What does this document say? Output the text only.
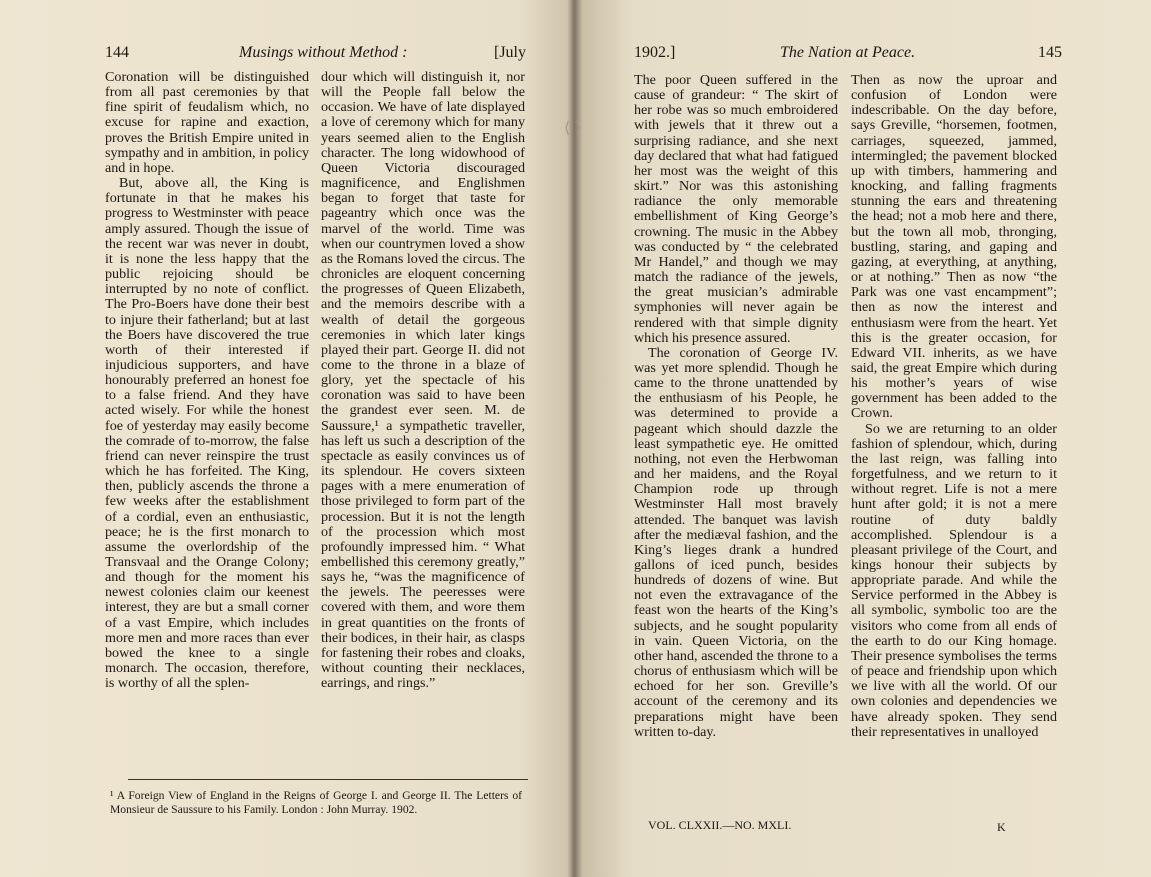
144	Musings without Method :	[July

Coronation will be distinguished from all past ceremonies by that fine spirit of feudalism which, no excuse for rapine and exaction, proves the British Empire united in sympathy and in ambition, in policy and in hope.

But, above all, the King is fortunate in that he makes his progress to Westminster with peace amply assured. Though the issue of the recent war was never in doubt, it is none the less happy that the public rejoicing should be interrupted by no note of conflict. The Pro-Boers have done their best to injure their fatherland; but at last the Boers have discovered the true worth of their interested if injudicious supporters, and have honourably preferred an honest foe to a false friend. And they have acted wisely. For while the honest foe of yesterday may easily become the comrade of to-morrow, the false friend can never reinspire the trust which he has forfeited. The King, then, publicly ascends the throne a few weeks after the establishment of a cordial, even an enthusiastic, peace; he is the first monarch to assume the overlordship of the Transvaal and the Orange Colony; and though for the moment his newest colonies claim our keenest interest, they are but a small corner of a vast Empire, which includes more men and more races than ever bowed the knee to a single monarch. The occasion, therefore, is worthy of all the splen-

dour which will distinguish it, nor will the People fall below the occasion. We have of late displayed a love of ceremony which for many years seemed alien to the English character. The long widowhood of Queen Victoria discouraged magnificence, and Englishmen began to forget that taste for pageantry which once was the marvel of the world. Time was when our countrymen loved a show as the Romans loved the circus. The chronicles are eloquent concerning the progresses of Queen Elizabeth, and the memoirs describe with a wealth of detail the gorgeous ceremonies in which later kings played their part. George II. did not come to the throne in a blaze of glory, yet the spectacle of his coronation was said to have been the grandest ever seen. M. de Saussure,¹ a sympathetic traveller, has left us such a description of the spectacle as easily convinces us of its splendour. He covers sixteen pages with a mere enumeration of those privileged to form part of the procession. But it is not the length of the procession which most profoundly impressed him. “ What embellished this ceremony greatly,” says he, “was the magnificence of the jewels. The peeresses were covered with them, and wore them in great quantities on the fronts of their bodices, in their hair, as clasps for fastening their robes and cloaks, without counting their necklaces, earrings, and rings.”

¹ A Foreign View of England in the Reigns of George I. and George II. The Letters of Monsieur de Saussure to his Family. London : John Murray. 1902.
⟨ ⟩
1902.]	The Nation at Peace.	145

The poor Queen suffered in the cause of grandeur: “ The skirt of her robe was so much embroidered with jewels that it threw out a surprising radiance, and she next day declared that what had fatigued her most was the weight of this skirt.” Nor was this astonishing radiance the only memorable embellishment of King George’s crowning. The music in the Abbey was conducted by “ the celebrated Mr Handel,” and though we may match the radiance of the jewels, the great musician’s admirable symphonies will never again be rendered with that simple dignity which his presence assured.

The coronation of George IV. was yet more splendid. Though he came to the throne unattended by the enthusiasm of his People, he was determined to provide a pageant which should dazzle the least sympathetic eye. He omitted nothing, not even the Herbwoman and her maidens, and the Royal Champion rode up through Westminster Hall most bravely attended. The banquet was lavish after the mediæval fashion, and the King’s lieges drank a hundred gallons of iced punch, besides hundreds of dozens of wine. But not even the extravagance of the feast won the hearts of the King’s subjects, and he sought popularity in vain. Queen Victoria, on the other hand, ascended the throne to a chorus of enthusiasm which will be echoed for her son. Greville’s account of the ceremony and its preparations might have been written to-day.

Then as now the uproar and confusion of London were indescribable. On the day before, says Greville, “horsemen, footmen, carriages, squeezed, jammed, intermingled; the pavement blocked up with timbers, hammering and knocking, and falling fragments stunning the ears and threatening the head; not a mob here and there, but the town all mob, thronging, bustling, staring, and gaping and gazing, at everything, at anything, or at nothing.” Then as now “the Park was one vast encampment”; then as now the interest and enthusiasm were from the heart. Yet this is the greater occasion, for Edward VII. inherits, as we have said, the great Empire which during his mother’s years of wise government has been added to the Crown.

So we are returning to an older fashion of splendour, which, during the last reign, was falling into forgetfulness, and we return to it without regret. Life is not a mere hunt after gold; it is not a mere routine of duty baldly accomplished. Splendour is a pleasant privilege of the Court, and kings honour their subjects by appropriate parade. And while the Service performed in the Abbey is all symbolic, symbolic too are the visitors who come from all ends of the earth to do our King homage. Their presence symbolises the terms of peace and friendship upon which we live with all the world. Of our own colonies and dependencies we have already spoken. They send their representatives in unalloyed

VOL. CLXXII.—NO. MXLI.	K
